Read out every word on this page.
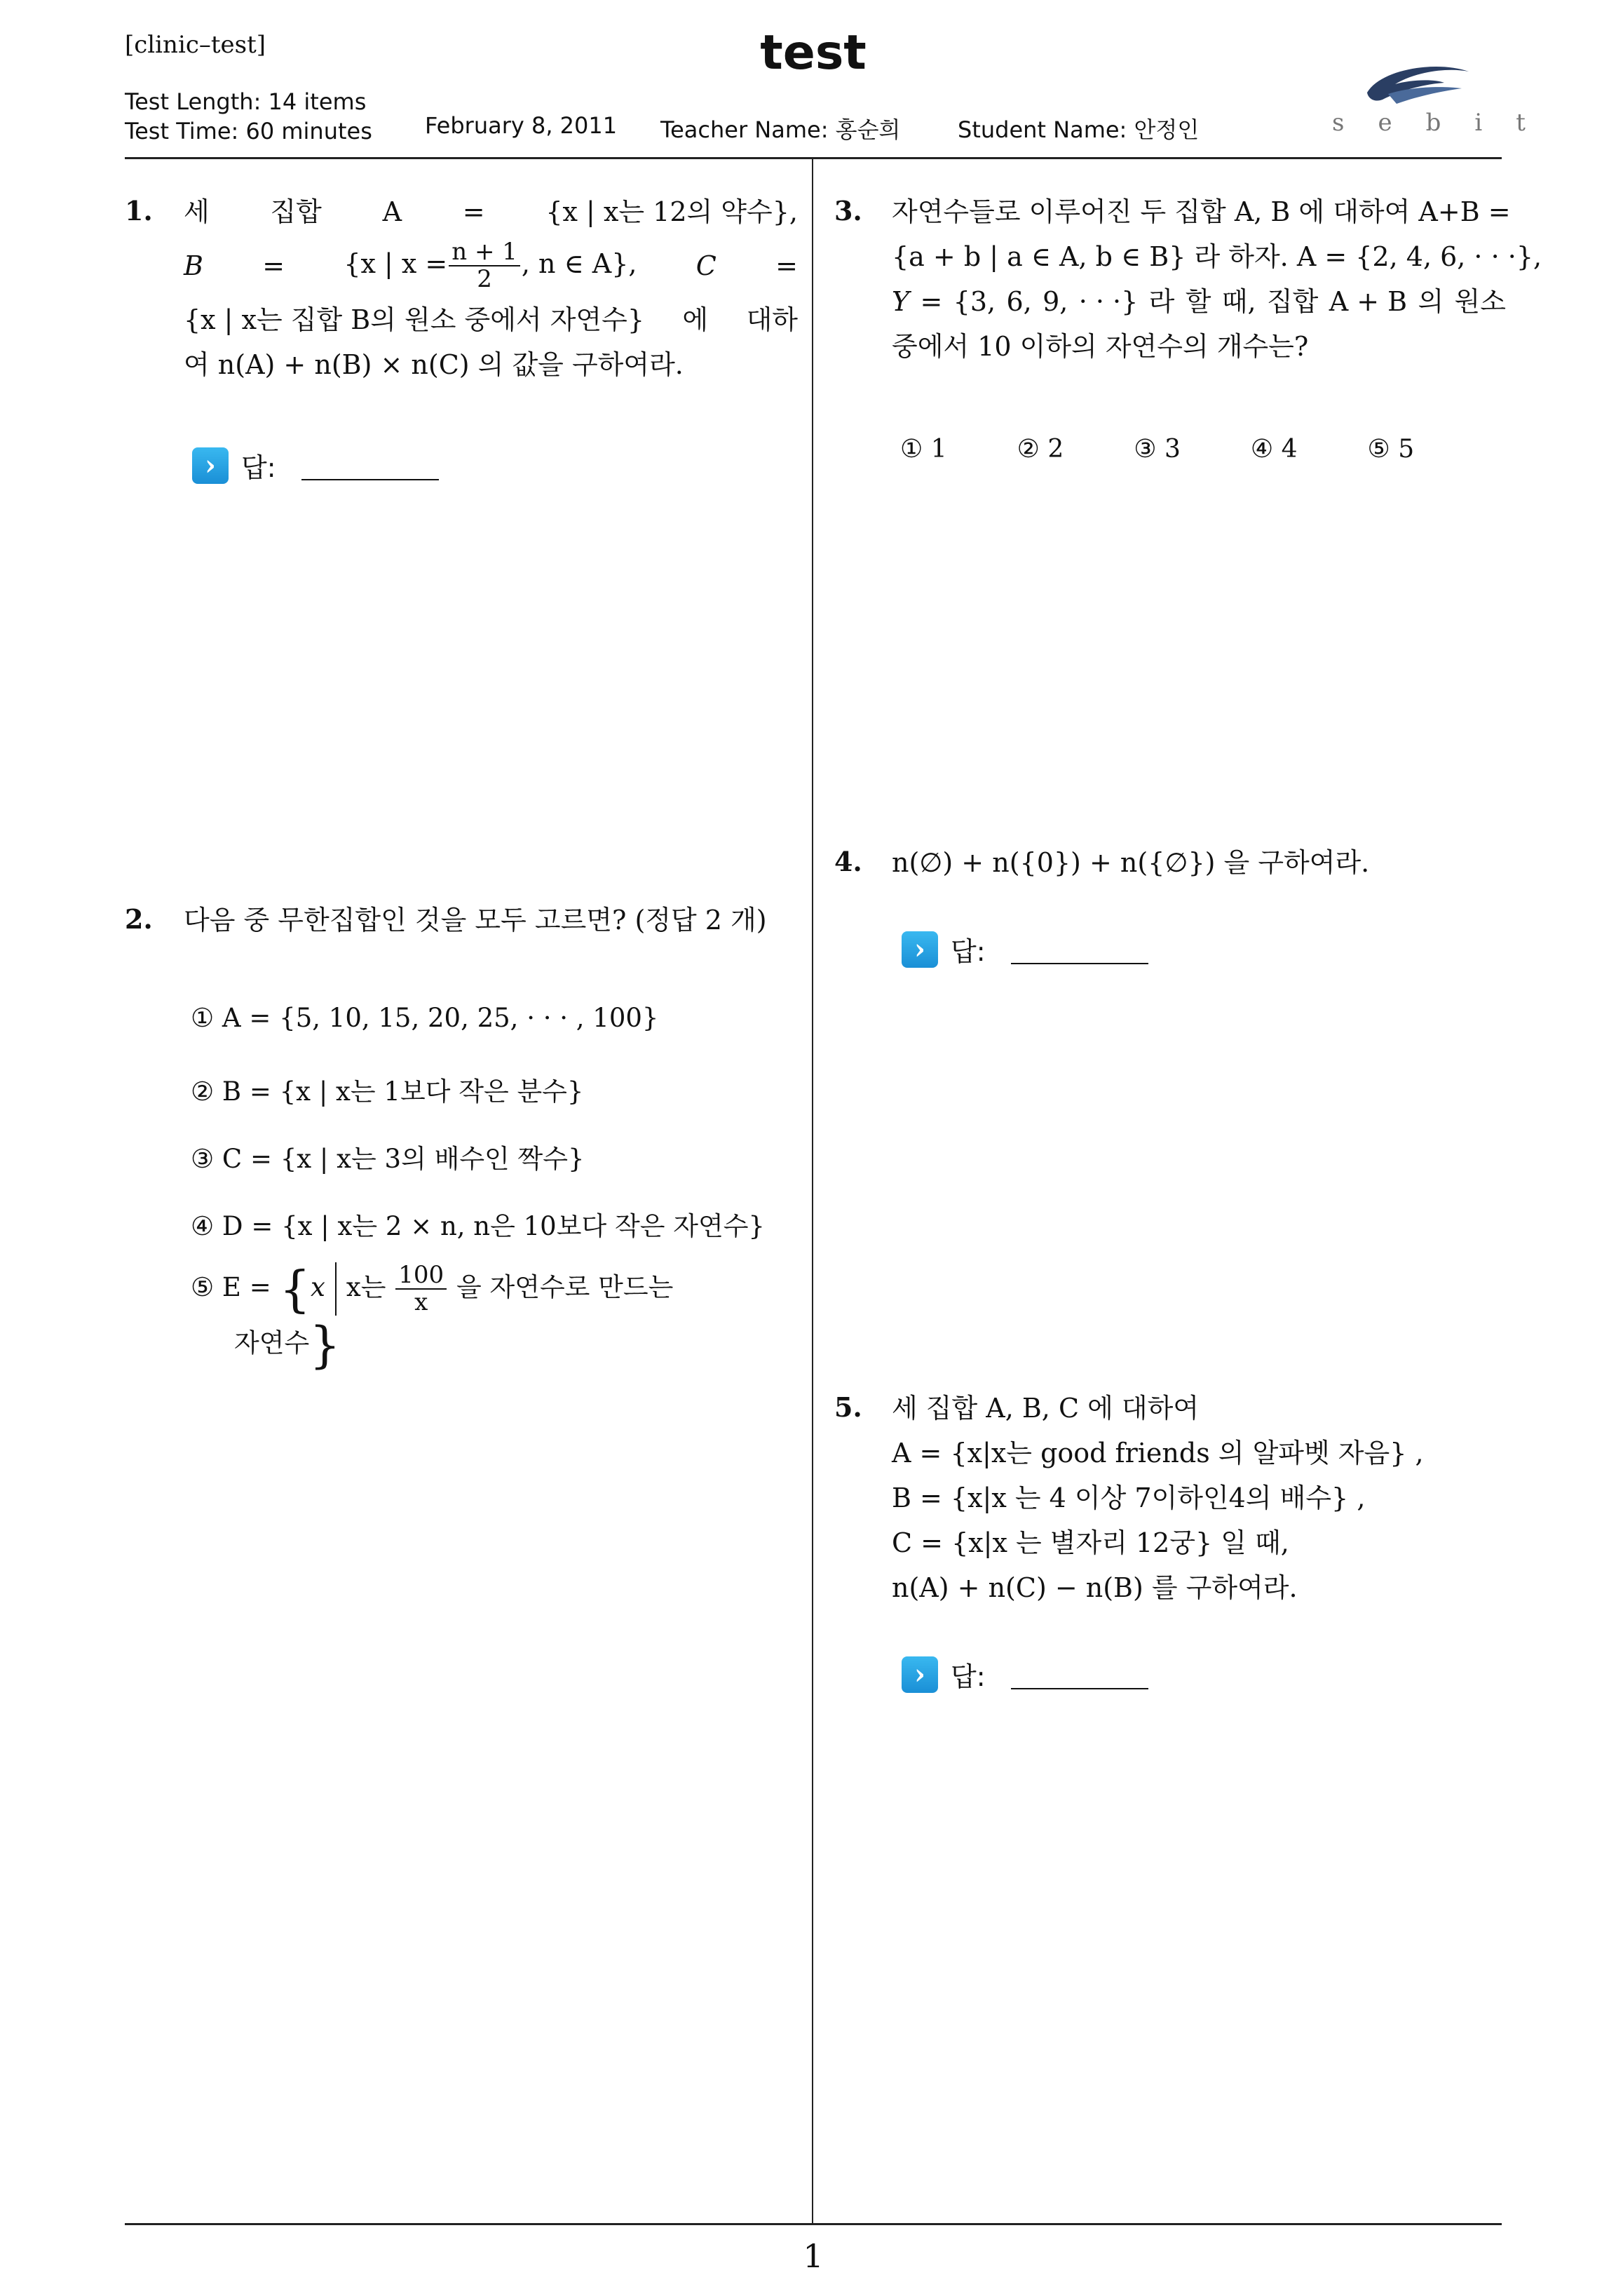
[clinic–test]	test
Test Length: 14 items
Test Time: 60 minutes February 8, 2011 Teacher Name: 홍순희	Student Name: 안정인	sebit
1. 세 집합 A = {x | x는 12의 약수},
B = {x | $x = \frac{n + 1}{2}$ , n ∈ A}, C =
{x | x는 집합 B의 원소 중에서 자연수} 에 대하
여 n(A) + n(B) × n(C) 의 값을 구하여라.
› 답:
2. 다음 중 무한집합인 것을 모두 고르면? (정답 2 개)
① A = {5, 10, 15, 20, 25, · · · , 100}
② B = {x | x는 1보다 작은 분수}
③ C = {x | x는 3의 배수인 짝수}
④ D = {x | x는 2 × n, n은 10보다 작은 자연수}
⑤ E = {x x는 $\frac{100}{x}$ 을 자연수로 만드는
자연수}
3. 자연수들로 이루어진 두 집합 A, B 에 대하여 A+B =
{a + b | a ∈ A, b ∈ B} 라 하자. A = {2, 4, 6, · · ·},
Y = {3, 6, 9, · · ·} 라 할 때, 집합 A + B 의 원소
중에서 10 이하의 자연수의 개수는?
① 1	② 2	③ 3	④ 4	⑤ 5
4. n(∅) + n({0}) + n({∅}) 을 구하여라.
› 답:
5. 세 집합 A, B, C 에 대하여
A = {x|x는 good friends 의 알파벳 자음} ,
B = {x|x 는 4 이상 7이하인4의 배수} ,
C = {x|x 는 별자리 12궁} 일 때,
n(A) + n(C) − n(B) 를 구하여라.
› 답:
1
